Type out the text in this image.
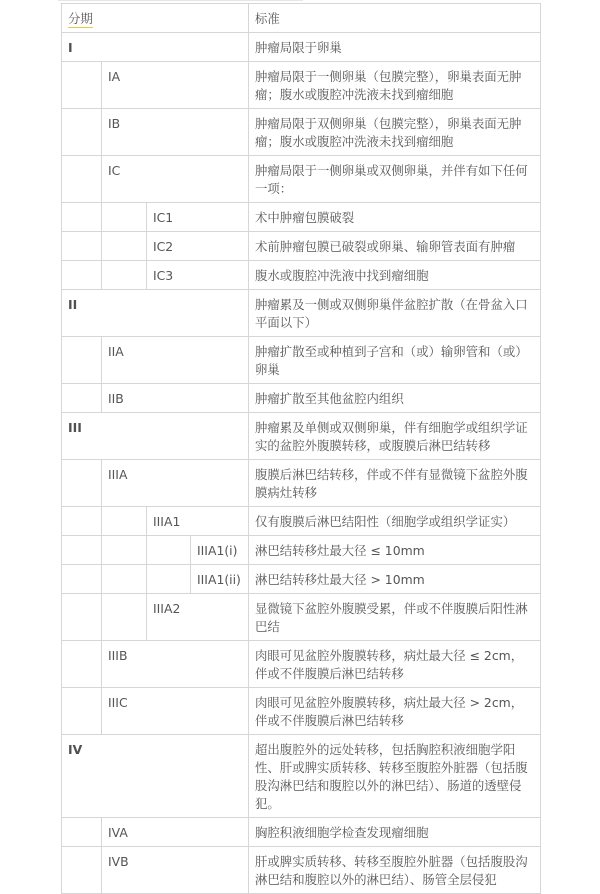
分期				标准
I				肿瘤局限于卵巢
	IA			肿瘤局限于一侧卵巢（包膜完整），卵巢表面无肿瘤；腹水或腹腔冲洗液未找到瘤细胞
	IB			肿瘤局限于双侧卵巢（包膜完整），卵巢表面无肿瘤；腹水或腹腔冲洗液未找到瘤细胞
	IC			肿瘤局限于一侧卵巢或双侧卵巢，并伴有如下任何一项：
		IC1		术中肿瘤包膜破裂
		IC2		术前肿瘤包膜已破裂或卵巢、输卵管表面有肿瘤
		IC3		腹水或腹腔冲洗液中找到瘤细胞
II				肿瘤累及一侧或双侧卵巢伴盆腔扩散（在骨盆入口平面以下）
	IIA			肿瘤扩散至或种植到子宫和（或）输卵管和（或）卵巢
	IIB			肿瘤扩散至其他盆腔内组织
III				肿瘤累及单侧或双侧卵巢，伴有细胞学或组织学证实的盆腔外腹膜转移，或腹膜后淋巴结转移
	IIIA			腹膜后淋巴结转移，伴或不伴有显微镜下盆腔外腹膜病灶转移
		IIIA1		仅有腹膜后淋巴结阳性（细胞学或组织学证实）
			IIIA1(i)	淋巴结转移灶最大径 ≤ 10mm
			IIIA1(ii)	淋巴结转移灶最大径 > 10mm
		IIIA2		显微镜下盆腔外腹膜受累，伴或不伴腹膜后阳性淋巴结
	IIIB			肉眼可见盆腔外腹膜转移，病灶最大径 ≤ 2cm，伴或不伴腹膜后淋巴结转移
	IIIC			肉眼可见盆腔外腹膜转移，病灶最大径 > 2cm，伴或不伴腹膜后淋巴结转移
IV				超出腹腔外的远处转移，包括胸腔积液细胞学阳性、肝或脾实质转移、转移至腹腔外脏器（包括腹股沟淋巴结和腹腔以外的淋巴结）、肠道的透壁侵犯。
	IVA			胸腔积液细胞学检查发现瘤细胞
	IVB			肝或脾实质转移、转移至腹腔外脏器（包括腹股沟淋巴结和腹腔以外的淋巴结）、肠管全层侵犯
